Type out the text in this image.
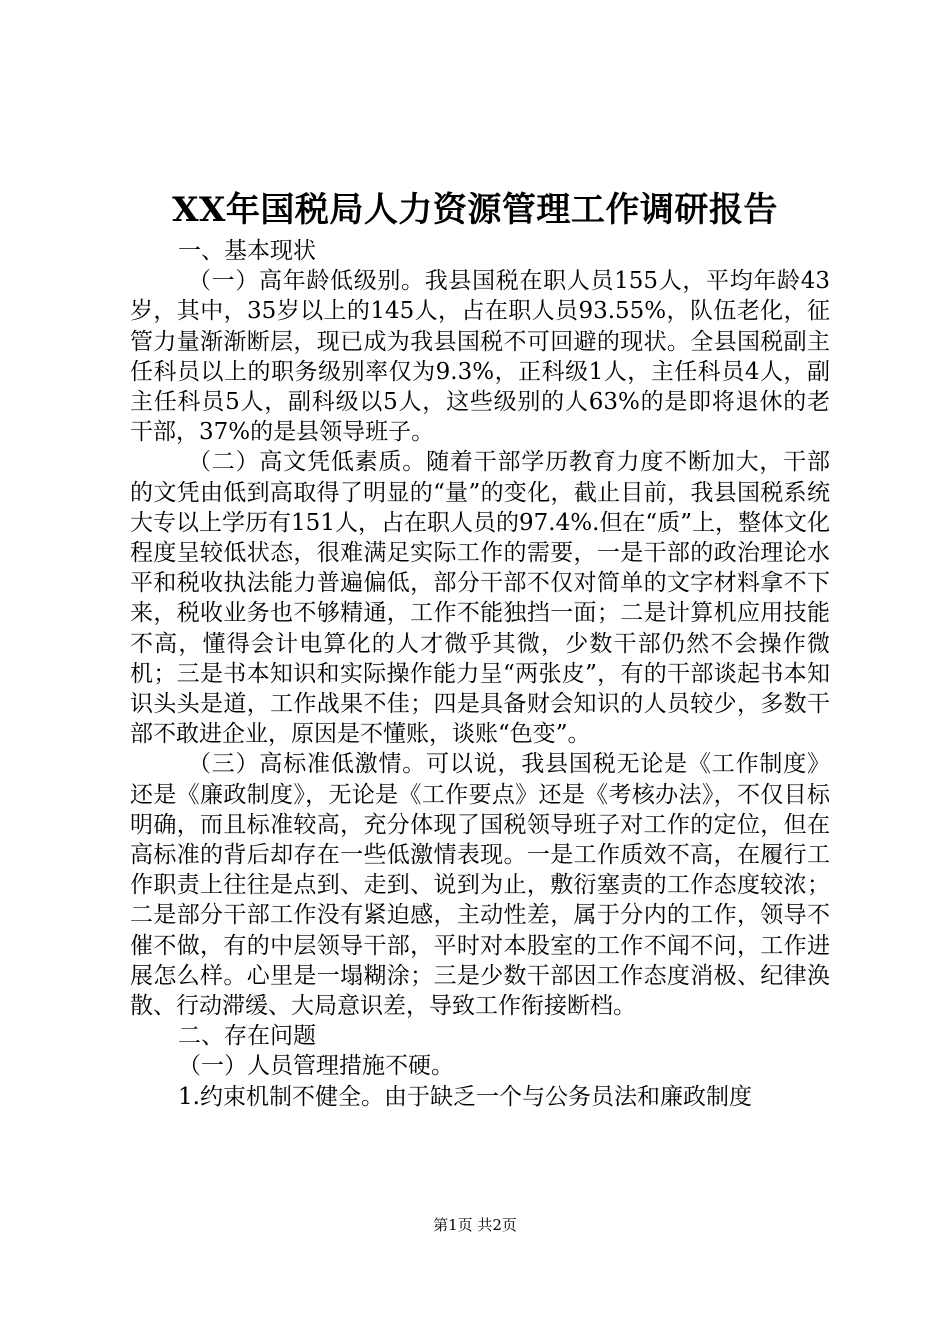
XX年国税局人力资源管理工作调研报告

一、基本现状

（一）高年龄低级别。我县国税在职人员155人，平均年龄43岁，其中，35岁以上的145人，占在职人员93.55%，队伍老化，征管力量渐渐断层，现已成为我县国税不可回避的现状。全县国税副主任科员以上的职务级别率仅为9.3%，正科级1人，主任科员4人，副主任科员5人，副科级以5人，这些级别的人63%的是即将退休的老干部，37%的是县领导班子。

（二）高文凭低素质。随着干部学历教育力度不断加大，干部的文凭由低到高取得了明显的“量”的变化，截止目前，我县国税系统大专以上学历有151人，占在职人员的97.4%.但在“质”上，整体文化程度呈较低状态，很难满足实际工作的需要，一是干部的政治理论水平和税收执法能力普遍偏低，部分干部不仅对简单的文字材料拿不下来，税收业务也不够精通，工作不能独挡一面；二是计算机应用技能不高，懂得会计电算化的人才微乎其微，少数干部仍然不会操作微机；三是书本知识和实际操作能力呈“两张皮”，有的干部谈起书本知识头头是道，工作战果不佳；四是具备财会知识的人员较少，多数干部不敢进企业，原因是不懂账，谈账“色变”。

（三）高标准低激情。可以说，我县国税无论是《工作制度》还是《廉政制度》，无论是《工作要点》还是《考核办法》，不仅目标明确，而且标准较高，充分体现了国税领导班子对工作的定位，但在高标准的背后却存在一些低激情表现。一是工作质效不高，在履行工作职责上往往是点到、走到、说到为止，敷衍塞责的工作态度较浓；二是部分干部工作没有紧迫感，主动性差，属于分内的工作，领导不催不做，有的中层领导干部，平时对本股室的工作不闻不问，工作进展怎么样。心里是一塌糊涂；三是少数干部因工作态度消极、纪律涣散、行动滞缓、大局意识差，导致工作衔接断档。

二、存在问题

（一）人员管理措施不硬。

1.约束机制不健全。由于缺乏一个与公务员法和廉政制度

第1页 共2页
